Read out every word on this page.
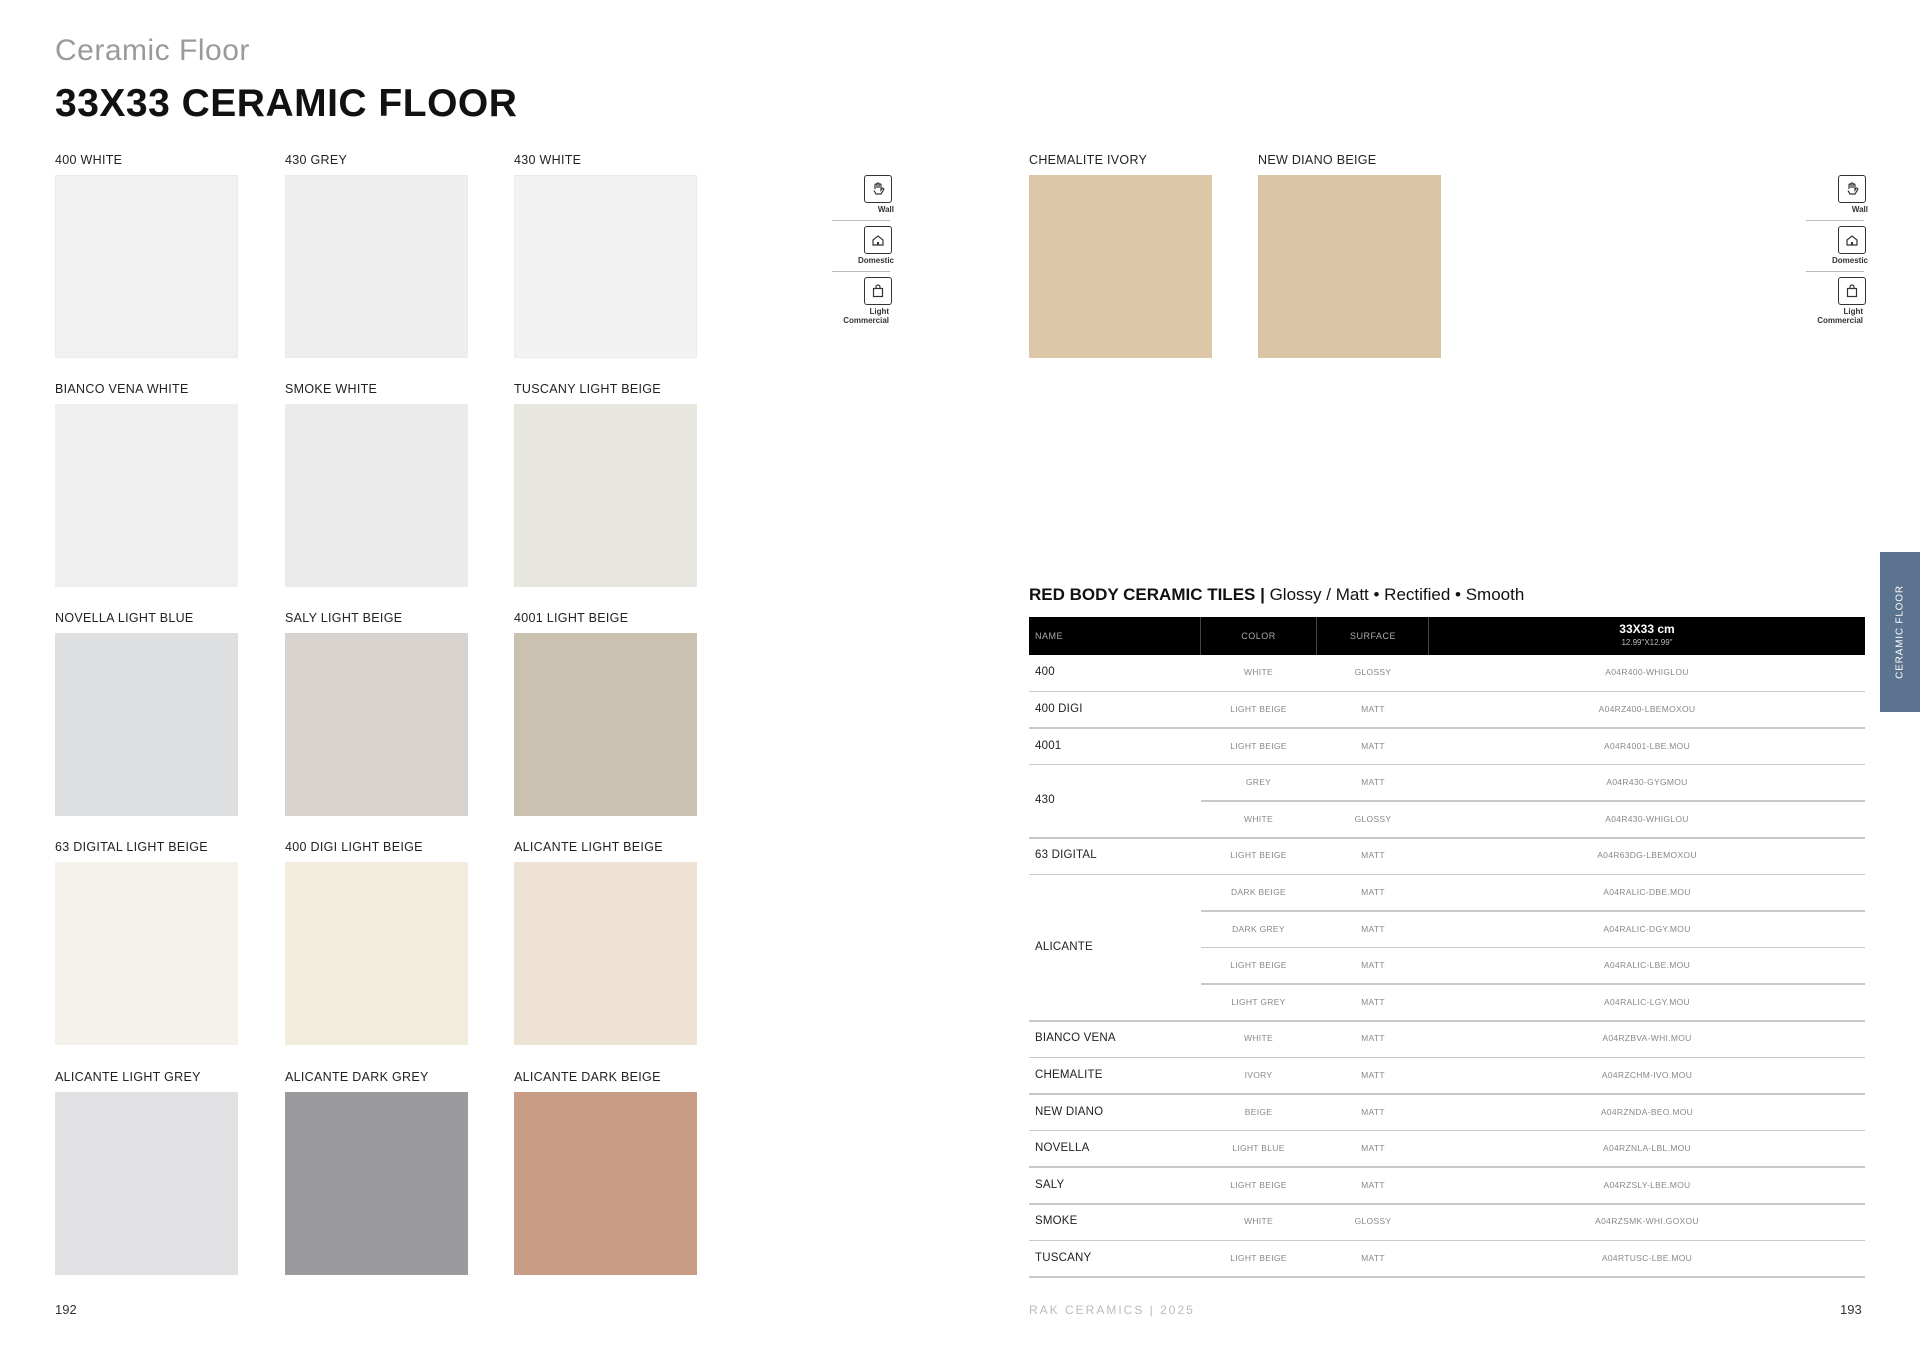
Ceramic Floor
33X33 CERAMIC FLOOR
400 WHITE	430 GREY	430 WHITE
BIANCO VENA WHITE	SMOKE WHITE	TUSCANY LIGHT BEIGE
NOVELLA LIGHT BLUE	SALY LIGHT BEIGE	4001 LIGHT BEIGE
63 DIGITAL LIGHT BEIGE	400 DIGI LIGHT BEIGE	ALICANTE LIGHT BEIGE
ALICANTE LIGHT GREY	ALICANTE DARK GREY	ALICANTE DARK BEIGE
CHEMALITE IVORY	NEW DIANO BEIGE
Wall
Domestic
Light Commercial
Wall
Domestic
Light Commercial
RED BODY CERAMIC TILES | Glossy / Matt • Rectified • Smooth
NAME	COLOR	SURFACE	33X33 cm
12.99"X12.99"
400	WHITE	GLOSSY	A04R400-WHIGLOU
400 DIGI	LIGHT BEIGE	MATT	A04RZ400-LBEMOXOU
4001	LIGHT BEIGE	MATT	A04R4001-LBE.MOU
430
GREY	MATT	A04R430-GYGMOU
WHITE	GLOSSY	A04R430-WHIGLOU
63 DIGITAL	LIGHT BEIGE	MATT	A04R63DG-LBEMOXOU
ALICANTE
DARK BEIGE	MATT	A04RALIC-DBE.MOU
DARK GREY	MATT	A04RALIC-DGY.MOU
LIGHT BEIGE	MATT	A04RALIC-LBE.MOU
LIGHT GREY	MATT	A04RALIC-LGY.MOU
BIANCO VENA	WHITE	MATT	A04RZBVA-WHI.MOU
CHEMALITE	IVORY	MATT	A04RZCHM-IVO.MOU
NEW DIANO	BEIGE	MATT	A04RZNDA-BEO.MOU
NOVELLA	LIGHT BLUE	MATT	A04RZNLA-LBL.MOU
SALY	LIGHT BEIGE	MATT	A04RZSLY-LBE.MOU
SMOKE	WHITE	GLOSSY	A04RZSMK-WHI.GOXOU
TUSCANY	LIGHT BEIGE	MATT	A04RTUSC-LBE.MOU
CERAMIC FLOOR
192	RAK CERAMICS | 2025	193
